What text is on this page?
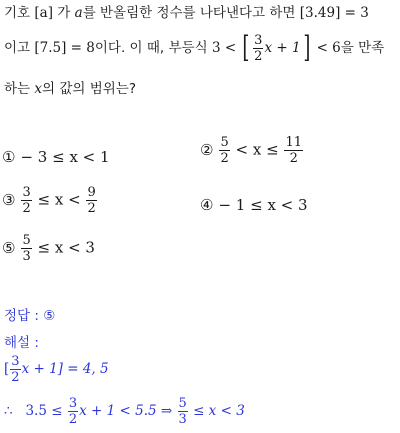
기호 [a] 가 a를 반올림한 정수를 나타낸다고 하면 [3.49] = 3
이고 [7.5] = 8이다. 이 때, 부등식 3 < [ $\frac{3}{2}$ x + 1] < 6을 만족
하는 x의 값의 범위는?
① − 3 ≤ x < 1	② $\frac{5}{2} < x \le \frac{11}{2}$
③ $\frac{3}{2} \le x < \frac{9}{2}$	④ − 1 ≤ x < 3
⑤ $\frac{5}{3} \le x < 3$
정답 : ⑤
해설 :
[ $\frac{3}{2}$ x + 1] = 4, 5
∴ $3.5 \le \frac{3}{2}$ x + 1 < 5.5 ⇒ $\frac{5}{3} \le x < 3$
